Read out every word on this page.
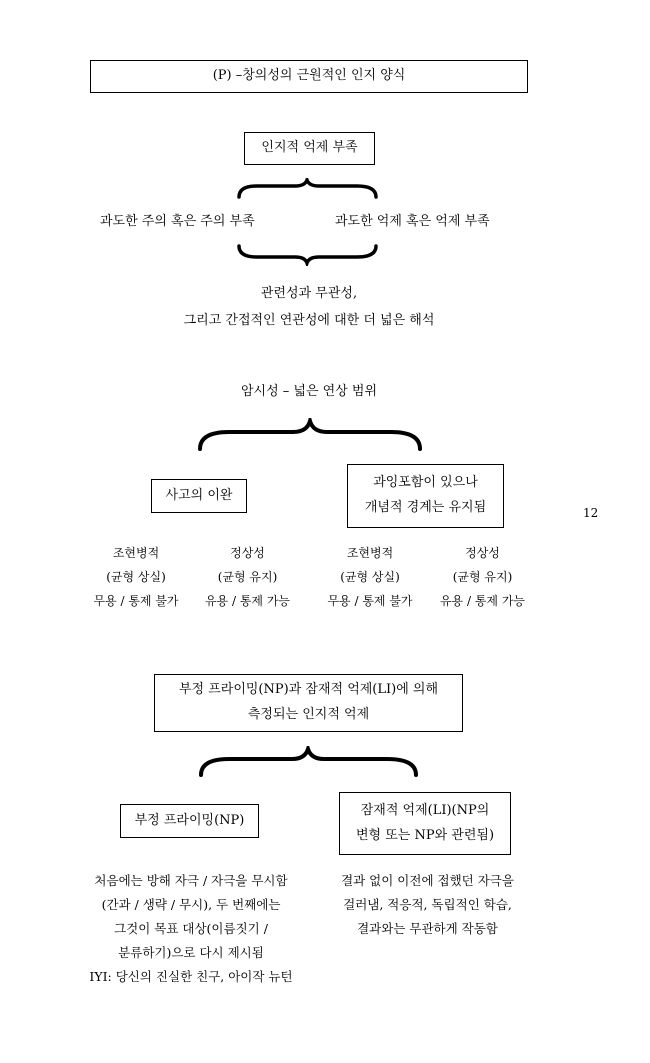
(P) –창의성의 근원적인 인지 양식
인지적 억제 부족
과도한 주의 혹은 주의 부족	과도한 억제 혹은 억제 부족
관련성과 무관성,
그리고 간접적인 연관성에 대한 더 넓은 해석
암시성 – 넓은 연상 범위
사고의 이완
과잉포함이 있으나
개념적 경계는 유지됨	12
조현병적
(균형 상실)
무용 / 통제 불가
정상성
(균형 유지)
유용 / 통제 가능
조현병적
(균형 상실)
무용 / 통제 불가
정상성
(균형 유지)
유용 / 통제 가능
부정 프라이밍(NP)과 잠재적 억제(LI)에 의해
측정되는 인지적 억제
부정 프라이밍(NP)
잠재적 억제(LI)(NP의
변형 또는 NP와 관련됨)
처음에는 방해 자극 / 자극을 무시함
(간과 / 생략 / 무시), 두 번째에는
그것이 목표 대상(이름짓기 /
분류하기)으로 다시 제시됨
IYI: 당신의 진실한 친구, 아이작 뉴턴
결과 없이 이전에 접했던 자극을
걸러냄, 적응적, 독립적인 학습,
결과와는 무관하게 작동함
